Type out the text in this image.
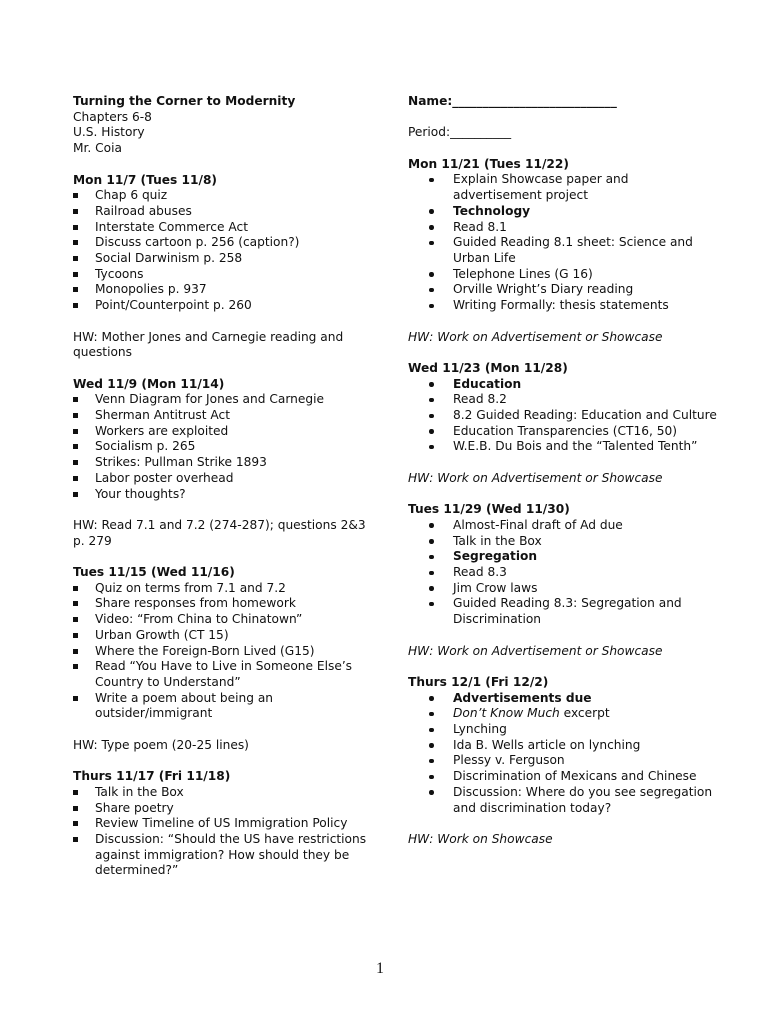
Turning the Corner to Modernity
Chapters 6-8
U.S. History
Mr. Coia
Mon 11/7 (Tues 11/8)
Chap 6 quiz
Railroad abuses
Interstate Commerce Act
Discuss cartoon p. 256 (caption?)
Social Darwinism p. 258
Tycoons
Monopolies p. 937
Point/Counterpoint p. 260
HW: Mother Jones and Carnegie reading and questions
Wed 11/9 (Mon 11/14)
Venn Diagram for Jones and Carnegie
Sherman Antitrust Act
Workers are exploited
Socialism p. 265
Strikes: Pullman Strike 1893
Labor poster overhead
Your thoughts?
HW: Read 7.1 and 7.2 (274-287); questions 2&3 p. 279
Tues 11/15 (Wed 11/16)
Quiz on terms from 7.1 and 7.2
Share responses from homework
Video: “From China to Chinatown”
Urban Growth (CT 15)
Where the Foreign-Born Lived (G15)
Read “You Have to Live in Someone Else’s Country to Understand”
Write a poem about being an outsider/immigrant
HW: Type poem (20-25 lines)
Thurs 11/17 (Fri 11/18)
Talk in the Box
Share poetry
Review Timeline of US Immigration Policy
Discussion: “Should the US have restrictions against immigration? How should they be determined?”
Name:___________________________
Period:__________
Mon 11/21 (Tues 11/22)
Explain Showcase paper and advertisement project
Technology
Read 8.1
Guided Reading 8.1 sheet: Science and Urban Life
Telephone Lines (G 16)
Orville Wright’s Diary reading
Writing Formally: thesis statements
HW: Work on Advertisement or Showcase
Wed 11/23 (Mon 11/28)
Education
Read 8.2
8.2 Guided Reading: Education and Culture
Education Transparencies (CT16, 50)
W.E.B. Du Bois and the “Talented Tenth”
HW: Work on Advertisement or Showcase
Tues 11/29 (Wed 11/30)
Almost-Final draft of Ad due
Talk in the Box
Segregation
Read 8.3
Jim Crow laws
Guided Reading 8.3: Segregation and Discrimination
HW: Work on Advertisement or Showcase
Thurs 12/1 (Fri 12/2)
Advertisements due
Don’t Know Much excerpt
Lynching
Ida B. Wells article on lynching
Plessy v. Ferguson
Discrimination of Mexicans and Chinese
Discussion: Where do you see segregation and discrimination today?
HW: Work on Showcase
1
